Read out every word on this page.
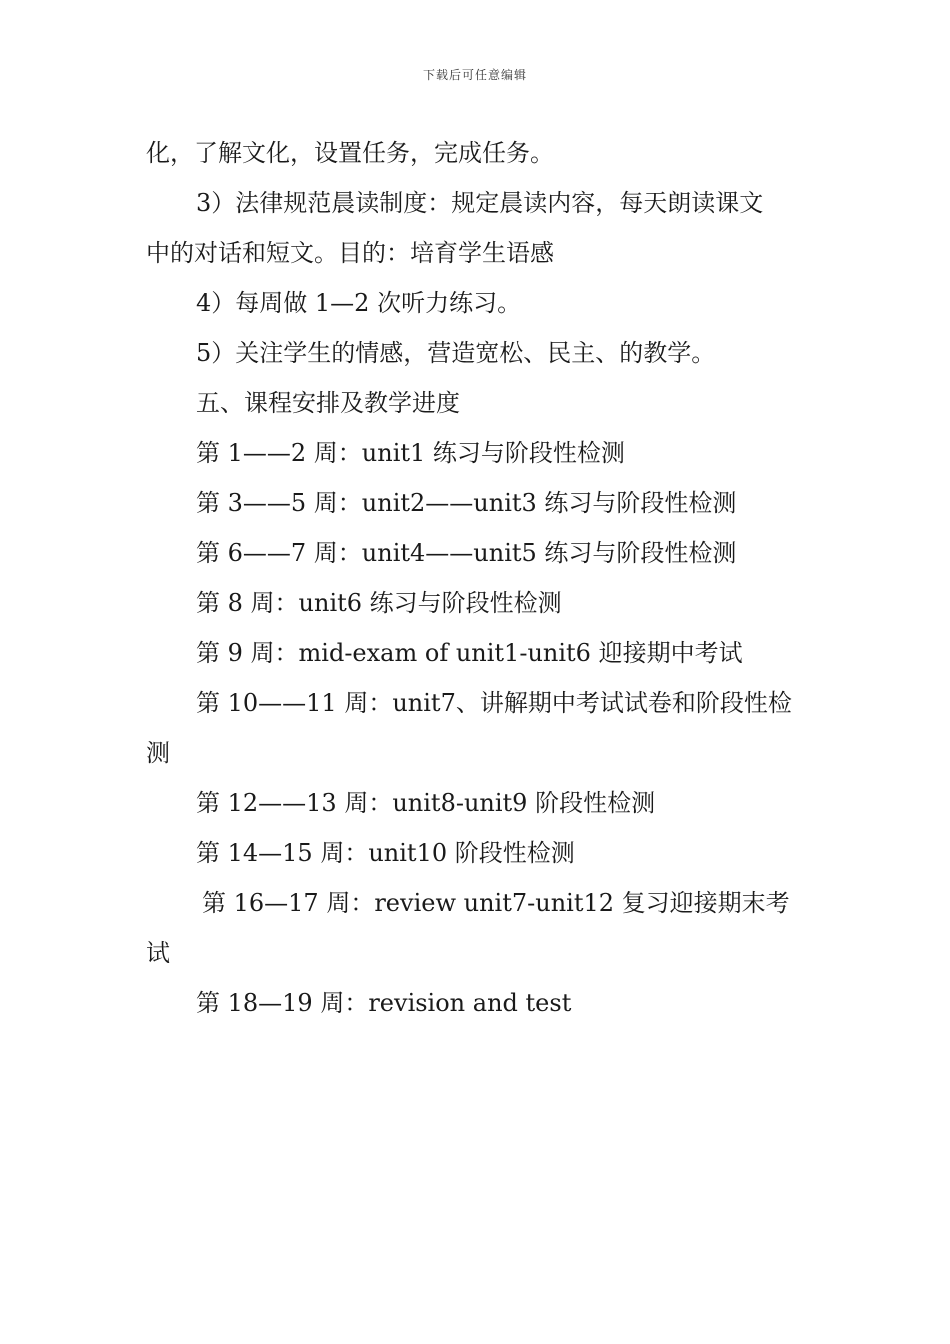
下载后可任意编辑

化，了解文化，设置任务，完成任务。

3）法律规范晨读制度：规定晨读内容，每天朗读课文

中的对话和短文。目的：培育学生语感

4）每周做 1—2 次听力练习。

5）关注学生的情感，营造宽松、民主、的教学。

五、课程安排及教学进度

第 1——2 周：unit1 练习与阶段性检测

第 3——5 周：unit2——unit3 练习与阶段性检测

第 6——7 周：unit4——unit5 练习与阶段性检测

第 8 周：unit6 练习与阶段性检测

第 9 周：mid-exam of unit1-unit6 迎接期中考试

第 10——11 周：unit7、讲解期中考试试卷和阶段性检

测

第 12——13 周：unit8-unit9 阶段性检测

第 14—15 周：unit10 阶段性检测

第 16—17 周：review unit7-unit12 复习迎接期末考

试

第 18—19 周：revision and test
